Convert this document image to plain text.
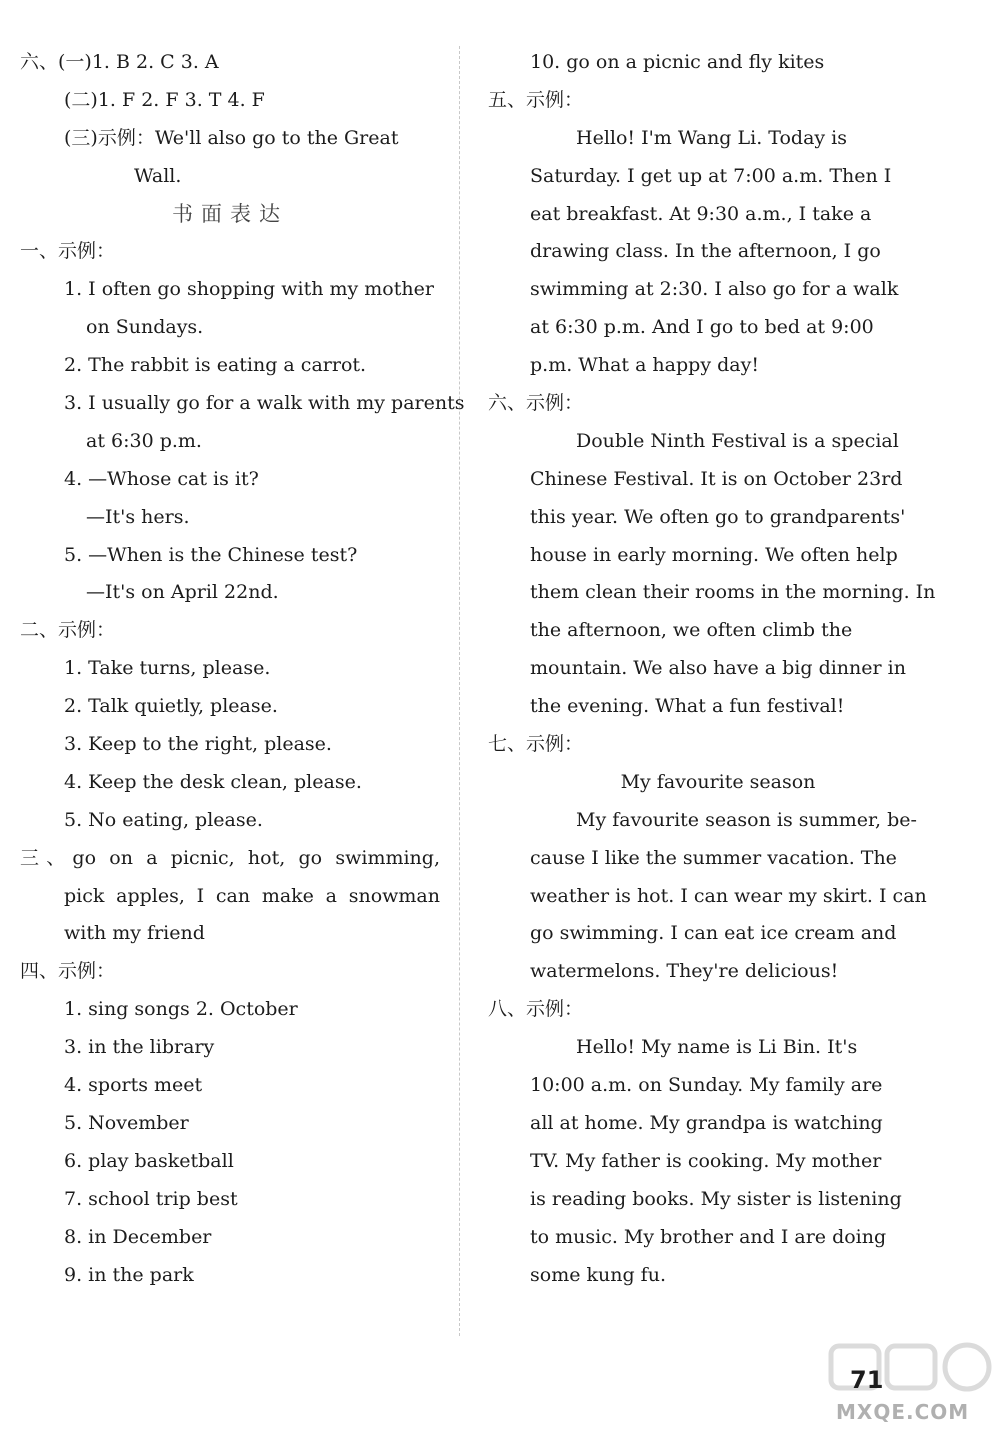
六、(一)1. B 2. C 3. A
(二)1. F 2. F 3. T 4. F
(三)示例：We'll also go to the Great
Wall.
书面表达
一、示例：
1. I often go shopping with my mother
on Sundays.
2. The rabbit is eating a carrot.
3. I usually go for a walk with my parents
at 6:30 p.m.
4. —Whose cat is it?
—It's hers.
5. —When is the Chinese test?
—It's on April 22nd.
二、示例：
1. Take turns, please.
2. Talk quietly, please.
3. Keep to the right, please.
4. Keep the desk clean, please.
5. No eating, please.
三、go on a picnic, hot, go swimming,
pick apples, I can make a snowman
with my friend
四、示例：
1. sing songs 2. October
3. in the library
4. sports meet
5. November
6. play basketball
7. school trip best
8. in December
9. in the park
10. go on a picnic and fly kites
五、示例：
Hello! I'm Wang Li. Today is
Saturday. I get up at 7:00 a.m. Then I
eat breakfast. At 9:30 a.m., I take a
drawing class. In the afternoon, I go
swimming at 2:30. I also go for a walk
at 6:30 p.m. And I go to bed at 9:00
p.m. What a happy day!
六、示例：
Double Ninth Festival is a special
Chinese Festival. It is on October 23rd
this year. We often go to grandparents'
house in early morning. We often help
them clean their rooms in the morning. In
the afternoon, we often climb the
mountain. We also have a big dinner in
the evening. What a fun festival!
七、示例：
My favourite season
My favourite season is summer, be-
cause I like the summer vacation. The
weather is hot. I can wear my skirt. I can
go swimming. I can eat ice cream and
watermelons. They're delicious!
八、示例：
Hello! My name is Li Bin. It's
10:00 a.m. on Sunday. My family are
all at home. My grandpa is watching
TV. My father is cooking. My mother
is reading books. My sister is listening
to music. My brother and I are doing
some kung fu.
71
MXQE.COM
